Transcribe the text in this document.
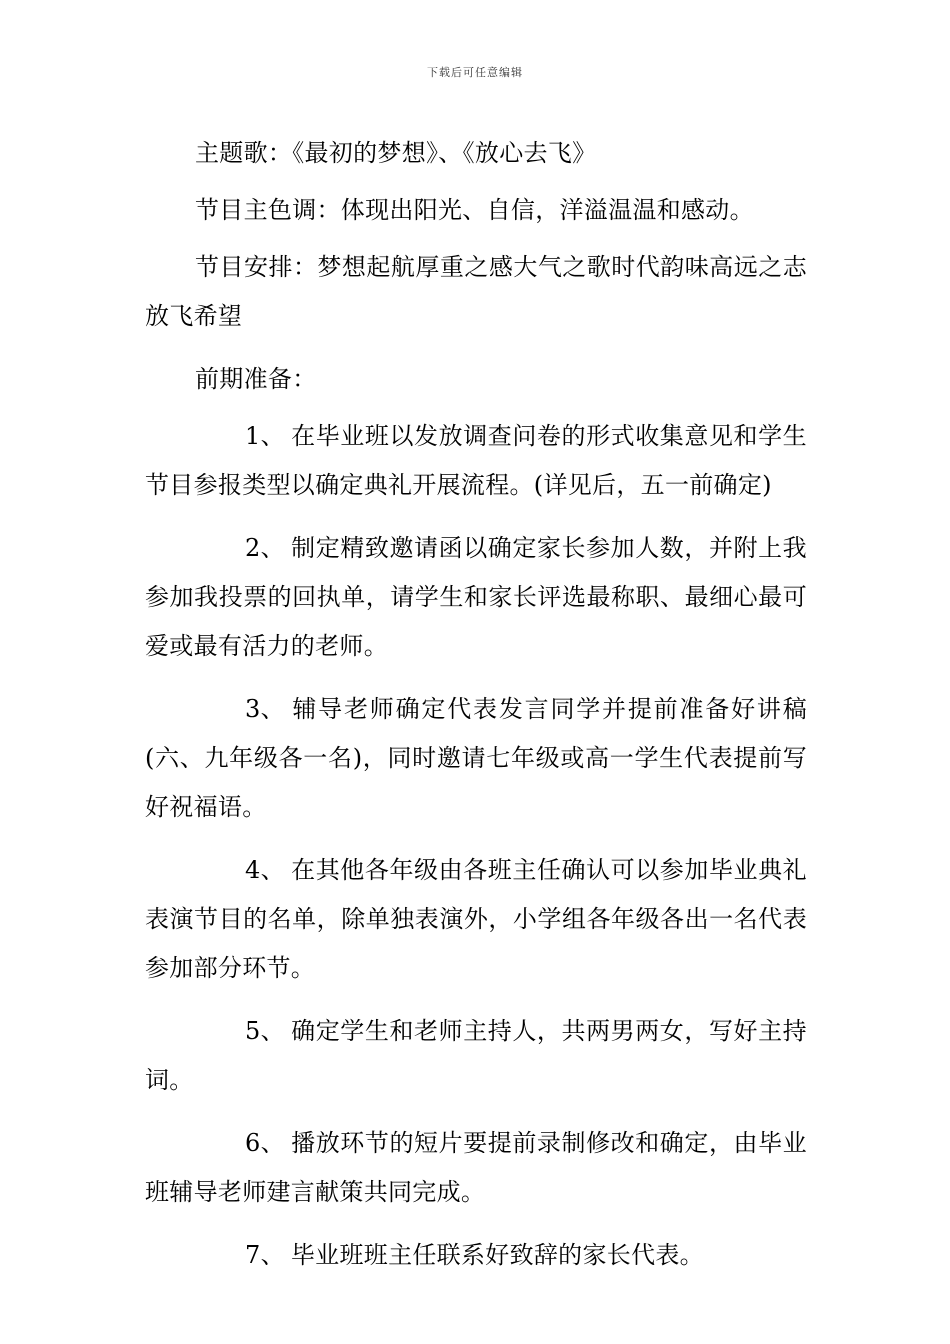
下载后可任意编辑

主题歌：《最初的梦想》、《放心去飞》

节目主色调：体现出阳光、自信，洋溢温温和感动。

节目安排：梦想起航厚重之感大气之歌时代韵味高远之志放飞希望

前期准备：

1、 在毕业班以发放调查问卷的形式收集意见和学生节目参报类型以确定典礼开展流程。(详见后，五一前确定)

2、 制定精致邀请函以确定家长参加人数，并附上我参加我投票的回执单，请学生和家长评选最称职、最细心最可爱或最有活力的老师。

3、 辅导老师确定代表发言同学并提前准备好讲稿(六、九年级各一名)，同时邀请七年级或高一学生代表提前写好祝福语。

4、 在其他各年级由各班主任确认可以参加毕业典礼表演节目的名单，除单独表演外，小学组各年级各出一名代表参加部分环节。

5、 确定学生和老师主持人，共两男两女，写好主持词。

6、 播放环节的短片要提前录制修改和确定，由毕业班辅导老师建言献策共同完成。

7、 毕业班班主任联系好致辞的家长代表。
